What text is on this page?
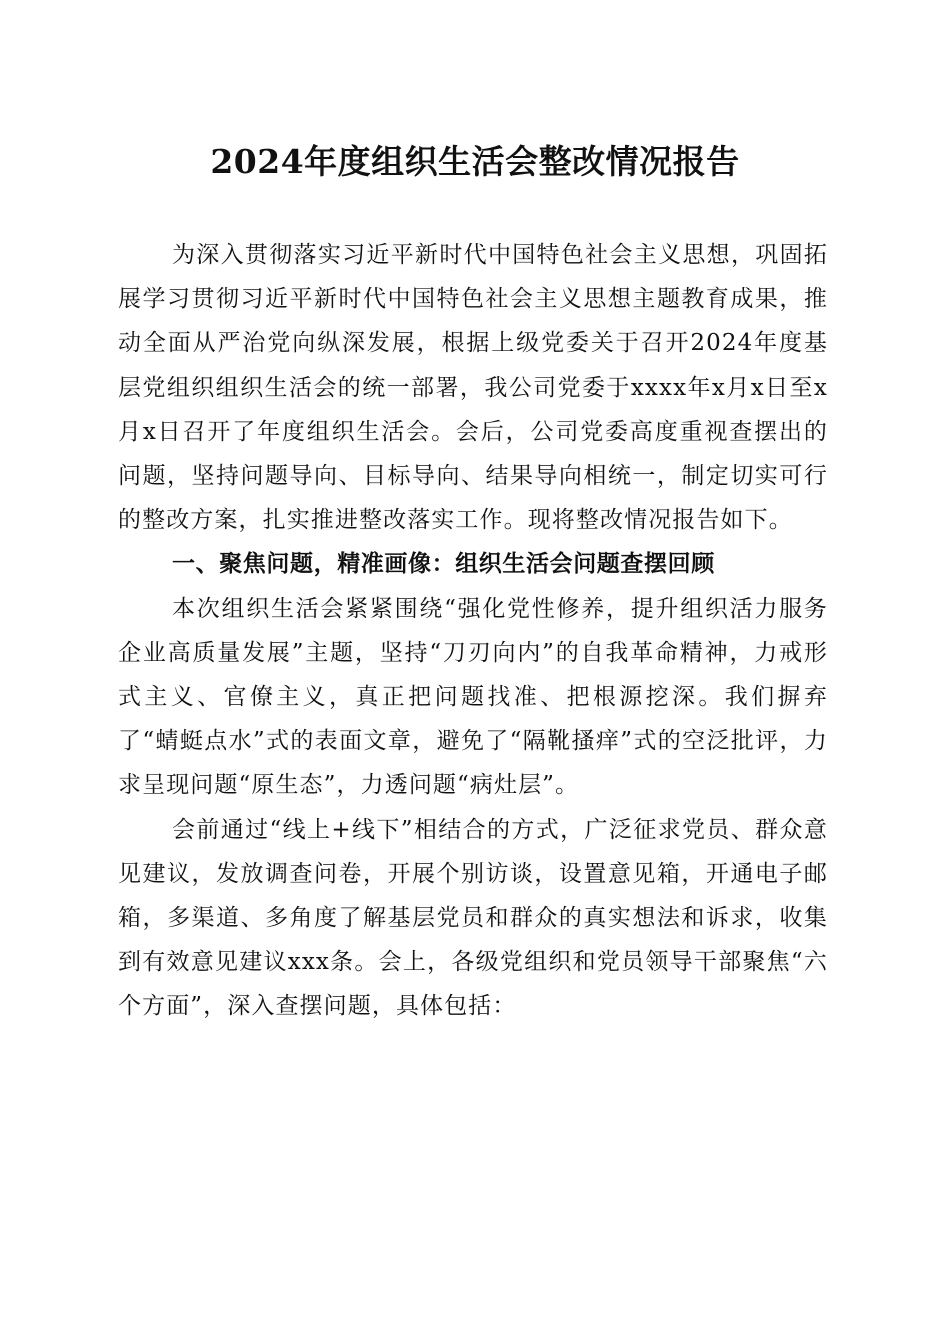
2024年度组织生活会整改情况报告

为深入贯彻落实习近平新时代中国特色社会主义思想，巩固拓展学习贯彻习近平新时代中国特色社会主义思想主题教育成果，推动全面从严治党向纵深发展，根据上级党委关于召开2024年度基层党组织组织生活会的统一部署，我公司党委于xxxx年x月x日至x月x日召开了年度组织生活会。会后，公司党委高度重视查摆出的问题，坚持问题导向、目标导向、结果导向相统一，制定切实可行的整改方案，扎实推进整改落实工作。现将整改情况报告如下。

一、聚焦问题，精准画像：组织生活会问题查摆回顾

本次组织生活会紧紧围绕“强化党性修养，提升组织活力服务企业高质量发展”主题，坚持“刀刃向内”的自我革命精神，力戒形式主义、官僚主义，真正把问题找准、把根源挖深。我们摒弃了“蜻蜓点水”式的表面文章，避免了“隔靴搔痒”式的空泛批评，力求呈现问题“原生态”，力透问题“病灶层”。

会前通过“线上+线下”相结合的方式，广泛征求党员、群众意见建议，发放调查问卷，开展个别访谈，设置意见箱，开通电子邮箱，多渠道、多角度了解基层党员和群众的真实想法和诉求，收集到有效意见建议xxx条。会上，各级党组织和党员领导干部聚焦“六个方面”，深入查摆问题，具体包括：
